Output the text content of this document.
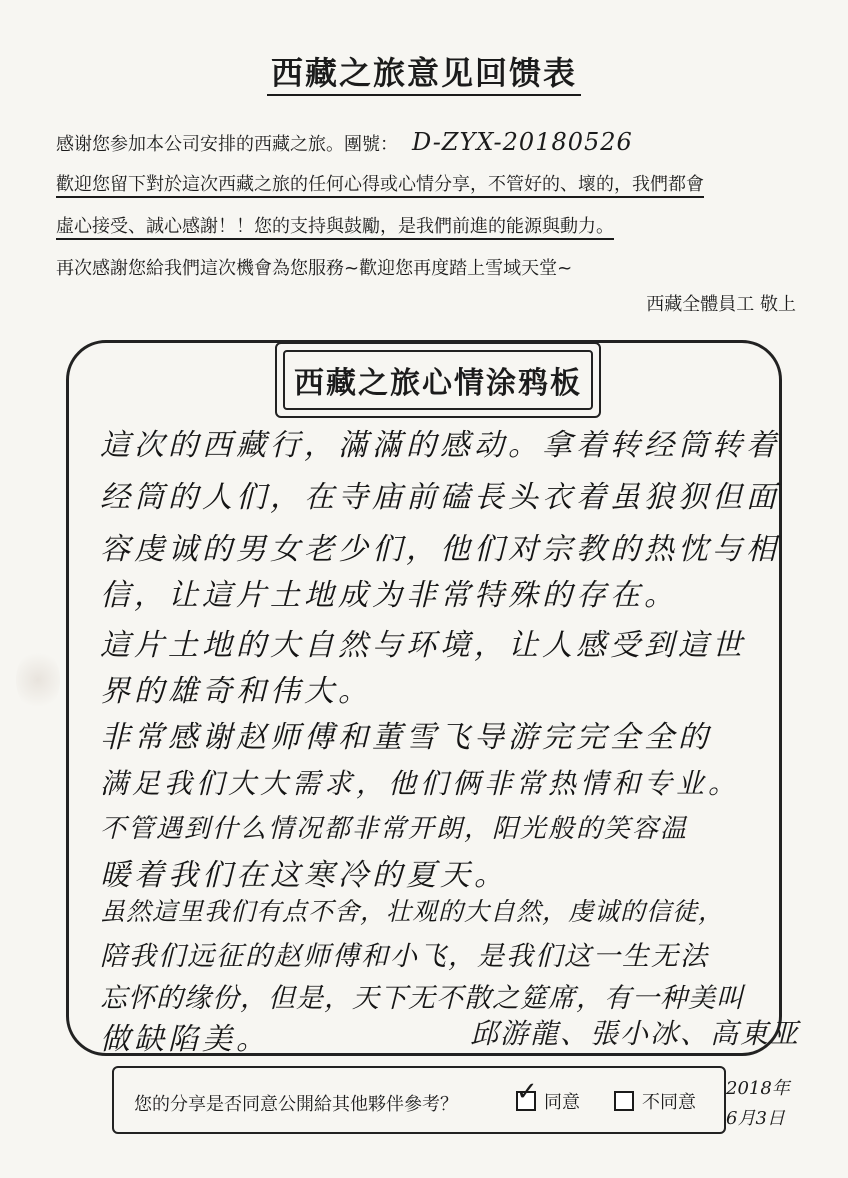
西藏之旅意见回馈表
感谢您参加本公司安排的西藏之旅。團號： D-ZYX-20180526
歡迎您留下對於這次西藏之旅的任何心得或心情分享，不管好的、壞的，我們都會
虛心接受、誠心感謝！！您的支持與鼓勵，是我們前進的能源與動力。
再次感謝您給我們這次機會為您服務~歡迎您再度踏上雪域天堂~
西藏全體員工 敬上
西藏之旅心情涂鸦板
這次的西藏行，滿滿的感动。拿着转经筒转着
经筒的人们，在寺庙前磕長头衣着虽狼狈但面
容虔诚的男女老少们，他们对宗教的热忱与相
信，让這片土地成为非常特殊的存在。
這片土地的大自然与环境，让人感受到這世
界的雄奇和伟大。
非常感谢赵师傅和董雪飞导游完完全全的
满足我们大大需求，他们俩非常热情和专业。
不管遇到什么情况都非常开朗，阳光般的笑容温
暖着我们在这寒冷的夏天。
虽然這里我们有点不舍，壮观的大自然，虔诚的信徒，
陪我们远征的赵师傅和小飞，是我们这一生无法
忘怀的缘份，但是，天下无不散之筵席，有一种美叫
做缺陷美。	邱游龍、張小冰、高東亚
2018年
6月3日
您的分享是否同意公開給其他夥伴參考？ ✓ 同意	不同意
